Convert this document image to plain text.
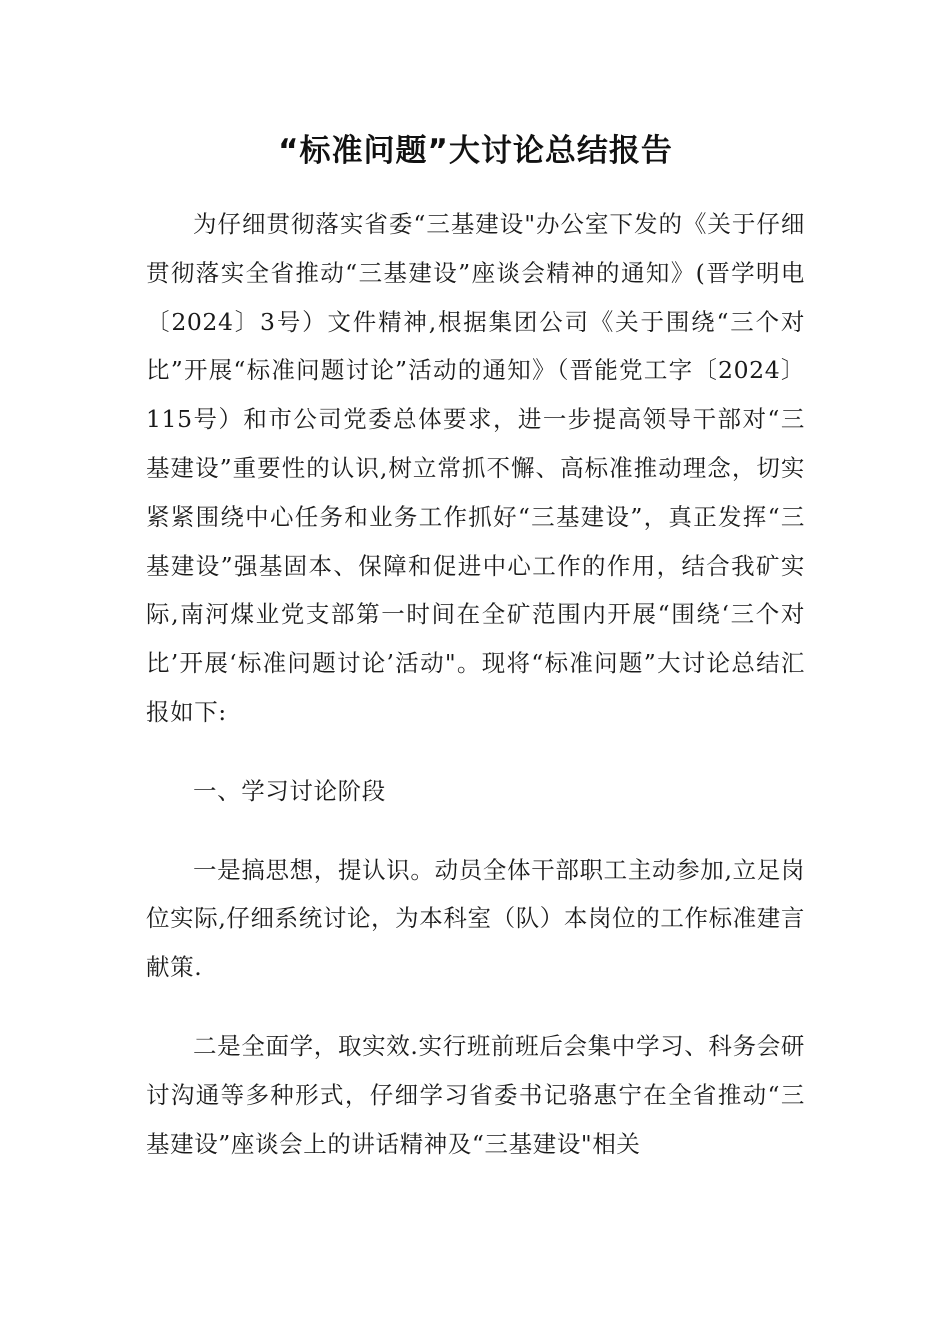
“标准问题”大讨论总结报告

为仔细贯彻落实省委“三基建设"办公室下发的《关于仔细贯彻落实全省推动“三基建设”座谈会精神的通知》(晋学明电〔2024〕3号）文件精神,根据集团公司《关于围绕“三个对比”开展“标准问题讨论”活动的通知》（晋能党工字〔2024〕115号）和市公司党委总体要求，进一步提高领导干部对“三基建设”重要性的认识,树立常抓不懈、高标准推动理念，切实紧紧围绕中心任务和业务工作抓好“三基建设”，真正发挥“三基建设”强基固本、保障和促进中心工作的作用，结合我矿实际,南河煤业党支部第一时间在全矿范围内开展“围绕‘三个对比’开展‘标准问题讨论’活动"。现将“标准问题”大讨论总结汇报如下:

一、学习讨论阶段

一是搞思想，提认识。动员全体干部职工主动参加,立足岗位实际,仔细系统讨论，为本科室（队）本岗位的工作标准建言献策.

二是全面学，取实效.实行班前班后会集中学习、科务会研讨沟通等多种形式，仔细学习省委书记骆惠宁在全省推动“三基建设”座谈会上的讲话精神及“三基建设"相关
